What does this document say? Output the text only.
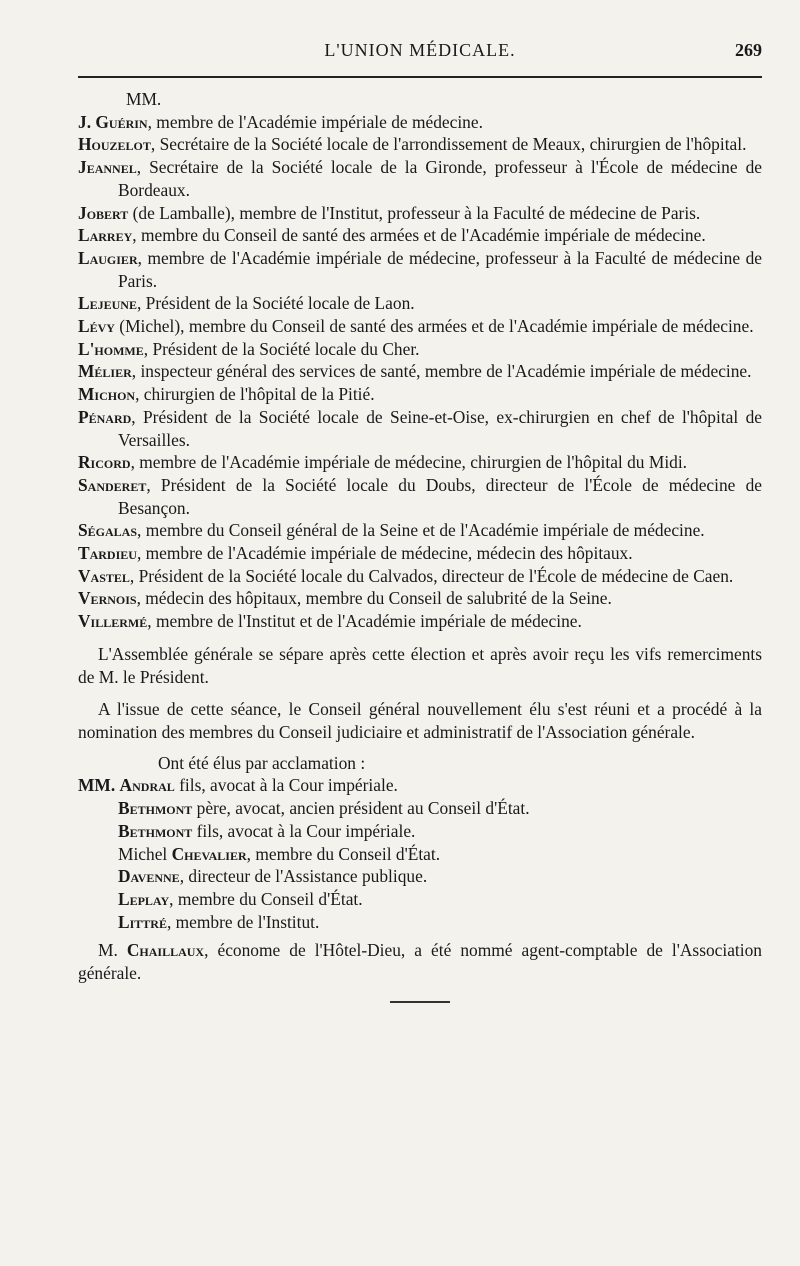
L'UNION MÉDICALE.	269
MM.
J. Guérin, membre de l'Académie impériale de médecine.
Houzelot, Secrétaire de la Société locale de l'arrondissement de Meaux, chirurgien de l'hôpital.
Jeannel, Secrétaire de la Société locale de la Gironde, professeur à l'École de médecine de Bordeaux.
Jobert (de Lamballe), membre de l'Institut, professeur à la Faculté de médecine de Paris.
Larrey, membre du Conseil de santé des armées et de l'Académie impériale de médecine.
Laugier, membre de l'Académie impériale de médecine, professeur à la Faculté de médecine de Paris.
Lejeune, Président de la Société locale de Laon.
Lévy (Michel), membre du Conseil de santé des armées et de l'Académie impériale de médecine.
L'homme, Président de la Société locale du Cher.
Mélier, inspecteur général des services de santé, membre de l'Académie impériale de médecine.
Michon, chirurgien de l'hôpital de la Pitié.
Pénard, Président de la Société locale de Seine-et-Oise, ex-chirurgien en chef de l'hôpital de Versailles.
Ricord, membre de l'Académie impériale de médecine, chirurgien de l'hôpital du Midi.
Sanderet, Président de la Société locale du Doubs, directeur de l'École de médecine de Besançon.
Ségalas, membre du Conseil général de la Seine et de l'Académie impériale de médecine.
Tardieu, membre de l'Académie impériale de médecine, médecin des hôpitaux.
Vastel, Président de la Société locale du Calvados, directeur de l'École de médecine de Caen.
Vernois, médecin des hôpitaux, membre du Conseil de salubrité de la Seine.
Villermé, membre de l'Institut et de l'Académie impériale de médecine.
L'Assemblée générale se sépare après cette élection et après avoir reçu les vifs remerciments de M. le Président.
A l'issue de cette séance, le Conseil général nouvellement élu s'est réuni et a procédé à la nomination des membres du Conseil judiciaire et administratif de l'Association générale.
Ont été élus par acclamation :
MM. Andral fils, avocat à la Cour impériale.
Bethmont père, avocat, ancien président au Conseil d'État.
Bethmont fils, avocat à la Cour impériale.
Michel Chevalier, membre du Conseil d'État.
Davenne, directeur de l'Assistance publique.
Leplay, membre du Conseil d'État.
Littré, membre de l'Institut.
M. Chaillaux, économe de l'Hôtel-Dieu, a été nommé agent-comptable de l'Association générale.
